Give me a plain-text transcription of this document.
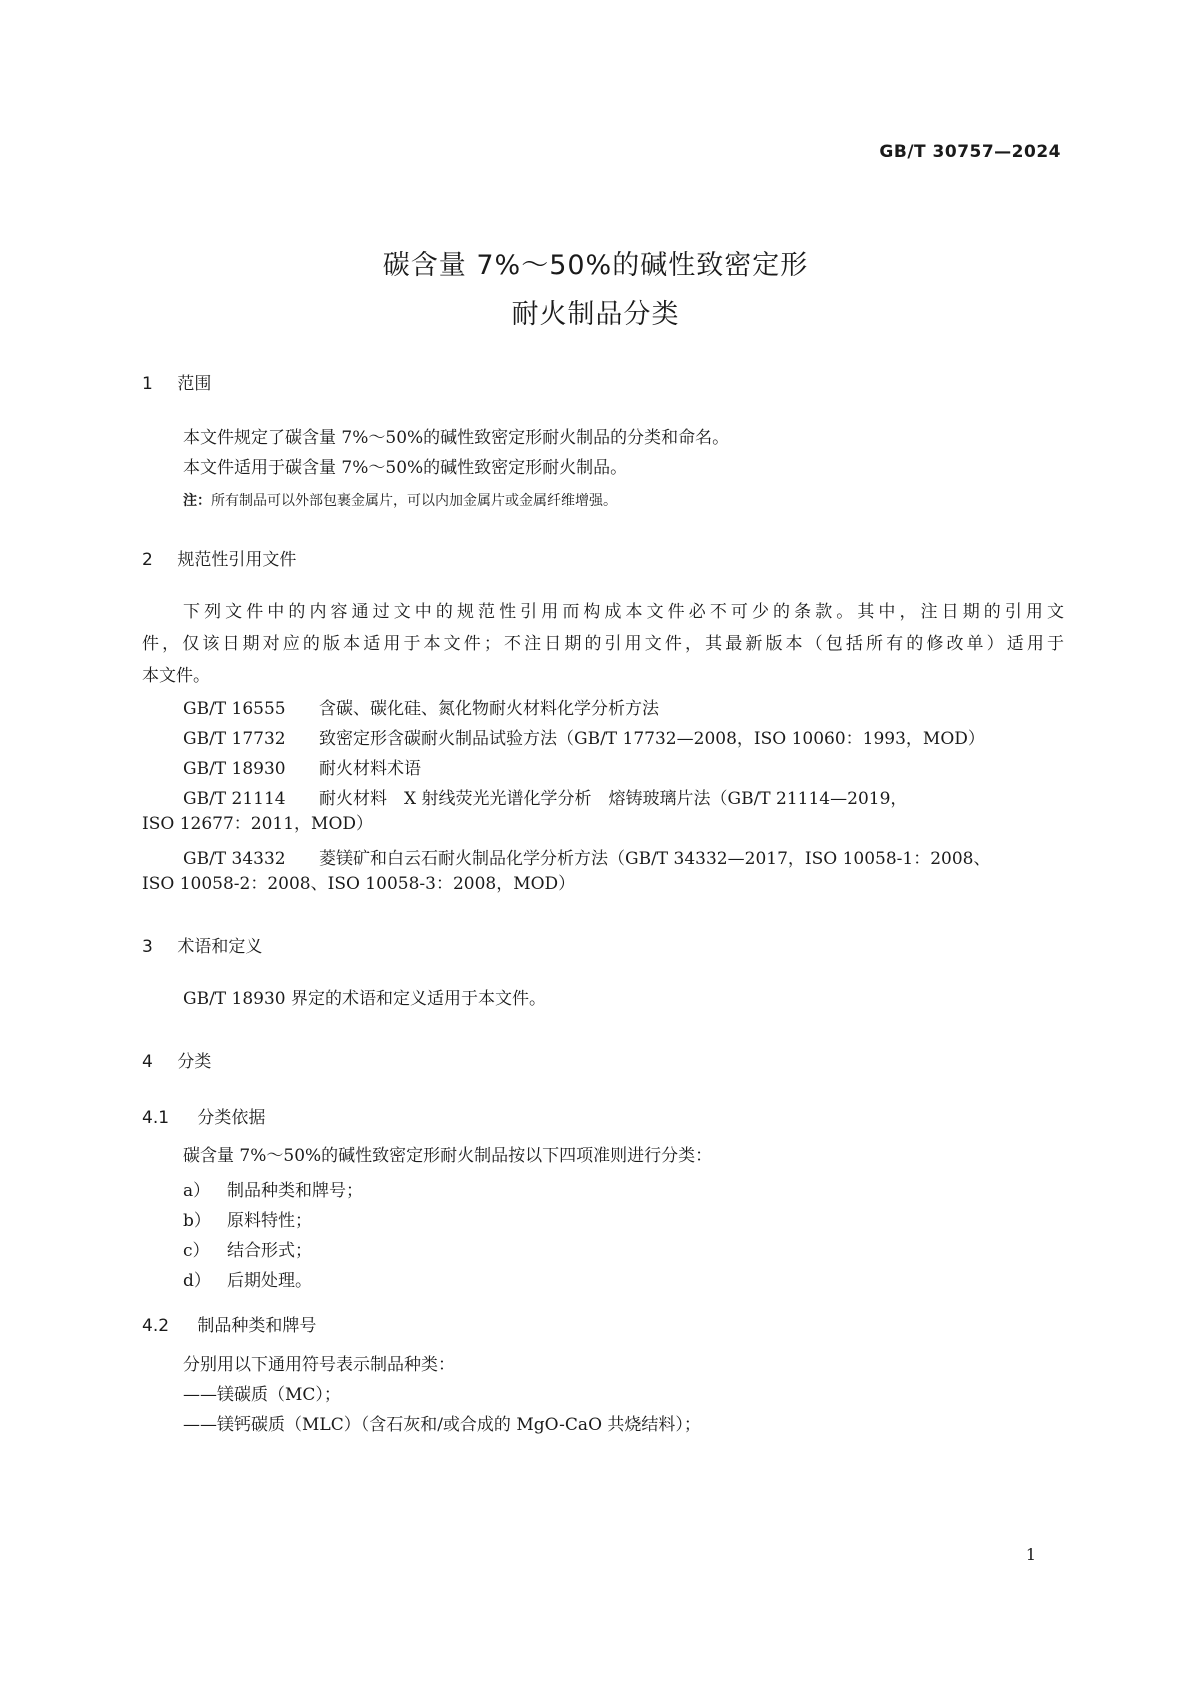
GB/T 30757—2024
碳含量 7%～50%的碱性致密定形
耐火制品分类
1 范围
本文件规定了碳含量 7%～50%的碱性致密定形耐火制品的分类和命名。
本文件适用于碳含量 7%～50%的碱性致密定形耐火制品。
注：所有制品可以外部包裹金属片，可以内加金属片或金属纤维增强。
2 规范性引用文件
下列文件中的内容通过文中的规范性引用而构成本文件必不可少的条款。其中，注日期的引用文
件，仅该日期对应的版本适用于本文件；不注日期的引用文件，其最新版本（包括所有的修改单）适用于
本文件。
GB/T 16555 含碳、碳化硅、氮化物耐火材料化学分析方法
GB/T 17732 致密定形含碳耐火制品试验方法（GB/T 17732—2008，ISO 10060：1993，MOD）
GB/T 18930 耐火材料术语
GB/T 21114 耐火材料　X 射线荧光光谱化学分析　熔铸玻璃片法（GB/T 21114—2019，
ISO 12677：2011，MOD）
GB/T 34332 菱镁矿和白云石耐火制品化学分析方法（GB/T 34332—2017，ISO 10058-1：2008、
ISO 10058-2：2008、ISO 10058-3：2008，MOD）
3 术语和定义
GB/T 18930 界定的术语和定义适用于本文件。
4 分类
4.1 分类依据
碳含量 7%～50%的碱性致密定形耐火制品按以下四项准则进行分类：
a） 制品种类和牌号；
b） 原料特性；
c） 结合形式；
d） 后期处理。
4.2 制品种类和牌号
分别用以下通用符号表示制品种类：
——镁碳质（MC）；
——镁钙碳质（MLC）（含石灰和/或合成的 MgO-CaO 共烧结料）；
1
